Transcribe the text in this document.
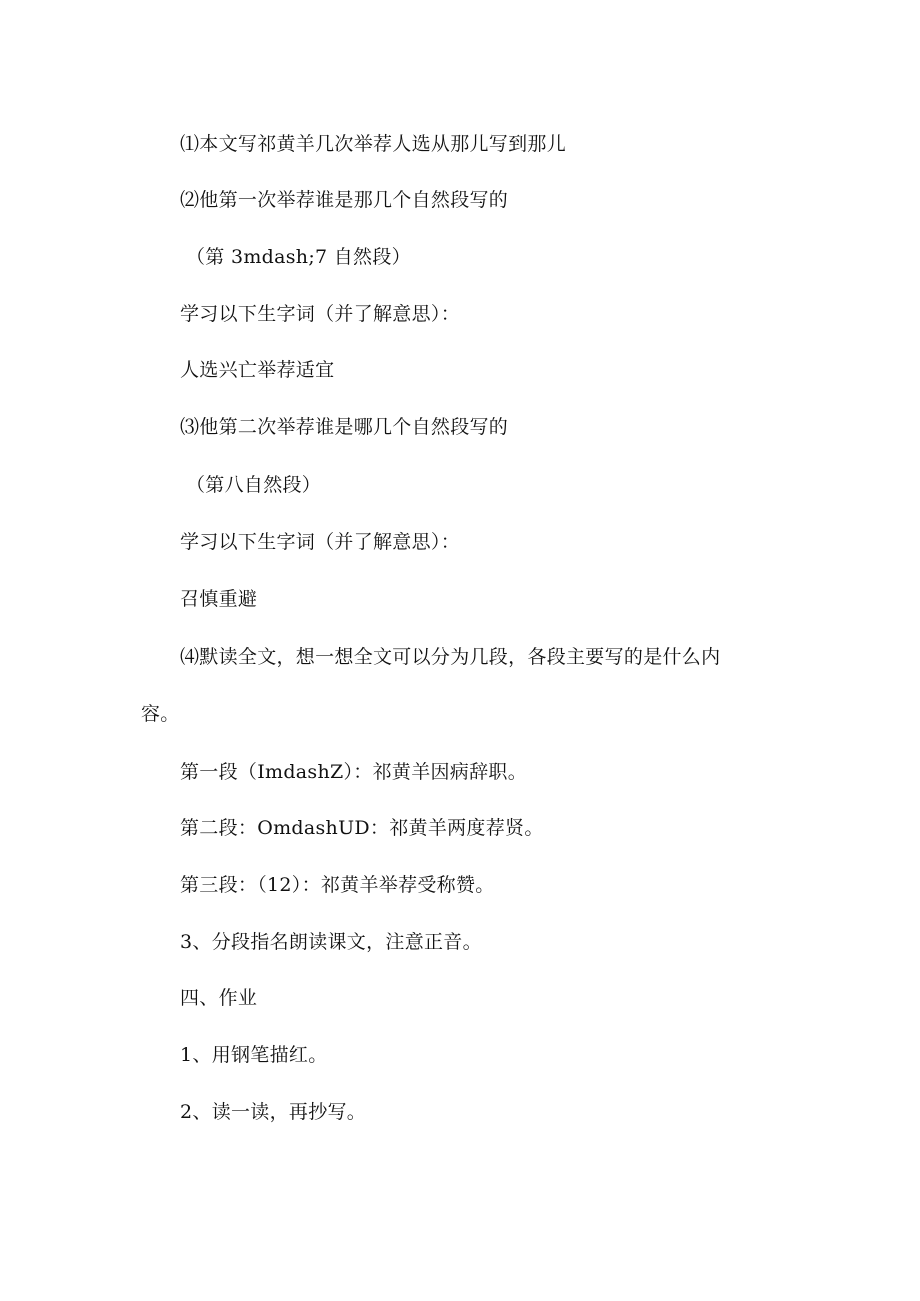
⑴本文写祁黄羊几次举荐人选从那儿写到那儿
⑵他第一次举荐谁是那几个自然段写的
（第 3mdash;7 自然段）
学习以下生字词（并了解意思）：
人选兴亡举荐适宜
⑶他第二次举荐谁是哪几个自然段写的
（第八自然段）
学习以下生字词（并了解意思）：
召慎重避
⑷默读全文，想一想全文可以分为几段，各段主要写的是什么内
容。
第一段（ImdashZ）：祁黄羊因病辞职。
第二段：OmdashUD：祁黄羊两度荐贤。
第三段：（12）：祁黄羊举荐受称赞。
3、分段指名朗读课文，注意正音。
四、作业
1、用钢笔描红。
2、读一读，再抄写。
